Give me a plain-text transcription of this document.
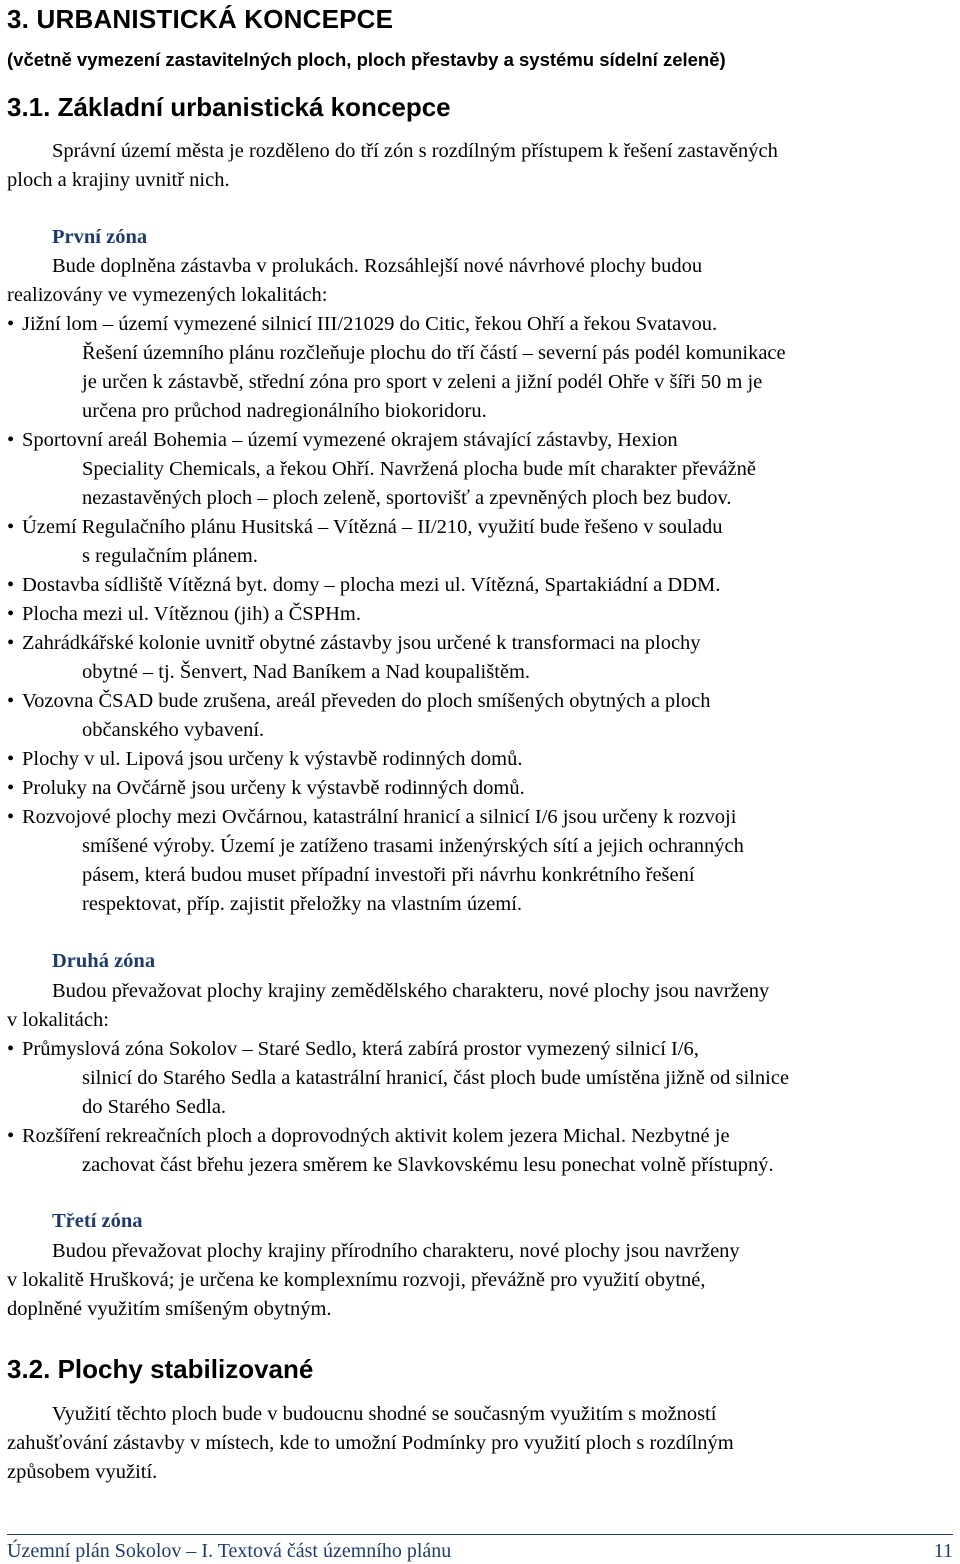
3. URBANISTICKÁ KONCEPCE
(včetně vymezení zastavitelných ploch, ploch přestavby a systému sídelní zeleně)
3.1. Základní urbanistická koncepce
Správní území města je rozděleno do tří zón s rozdílným přístupem k řešení zastavěných
ploch a krajiny uvnitř nich.
První zóna
Bude doplněna zástavba v prolukách. Rozsáhlejší nové návrhové plochy budou
realizovány ve vymezených lokalitách:
• Jižní lom – území vymezené silnicí III/21029 do Citic, řekou Ohří a řekou Svatavou.
Řešení územního plánu rozčleňuje plochu do tří částí – severní pás podél komunikace
je určen k zástavbě, střední zóna pro sport v zeleni a jižní podél Ohře v šíři 50 m je
určena pro průchod nadregionálního biokoridoru.
• Sportovní areál Bohemia – území vymezené okrajem stávající zástavby, Hexion
Speciality Chemicals, a řekou Ohří. Navržená plocha bude mít charakter převážně
nezastavěných ploch – ploch zeleně, sportovišť a zpevněných ploch bez budov.
• Území Regulačního plánu Husitská – Vítězná – II/210, využití bude řešeno v souladu
s regulačním plánem.
• Dostavba sídliště Vítězná byt. domy – plocha mezi ul. Vítězná, Spartakiádní a DDM.
• Plocha mezi ul. Vítěznou (jih) a ČSPHm.
• Zahrádkářské kolonie uvnitř obytné zástavby jsou určené k transformaci na plochy
obytné – tj. Šenvert, Nad Baníkem a Nad koupalištěm.
• Vozovna ČSAD bude zrušena, areál převeden do ploch smíšených obytných a ploch
občanského vybavení.
• Plochy v ul. Lipová jsou určeny k výstavbě rodinných domů.
• Proluky na Ovčárně jsou určeny k výstavbě rodinných domů.
• Rozvojové plochy mezi Ovčárnou, katastrální hranicí a silnicí I/6 jsou určeny k rozvoji
smíšené výroby. Území je zatíženo trasami inženýrských sítí a jejich ochranných
pásem, která budou muset případní investoři při návrhu konkrétního řešení
respektovat, příp. zajistit přeložky na vlastním území.
Druhá zóna
Budou převažovat plochy krajiny zemědělského charakteru, nové plochy jsou navrženy
v lokalitách:
• Průmyslová zóna Sokolov – Staré Sedlo, která zabírá prostor vymezený silnicí I/6,
silnicí do Starého Sedla a katastrální hranicí, část ploch bude umístěna jižně od silnice
do Starého Sedla.
• Rozšíření rekreačních ploch a doprovodných aktivit kolem jezera Michal. Nezbytné je
zachovat část břehu jezera směrem ke Slavkovskému lesu ponechat volně přístupný.
Třetí zóna
Budou převažovat plochy krajiny přírodního charakteru, nové plochy jsou navrženy
v lokalitě Hrušková; je určena ke komplexnímu rozvoji, převážně pro využití obytné,
doplněné využitím smíšeným obytným.
3.2. Plochy stabilizované
Využití těchto ploch bude v budoucnu shodné se současným využitím s možností
zahušťování zástavby v místech, kde to umožní Podmínky pro využití ploch s rozdílným
způsobem využití.
Územní plán Sokolov – I. Textová část územního plánu	11
